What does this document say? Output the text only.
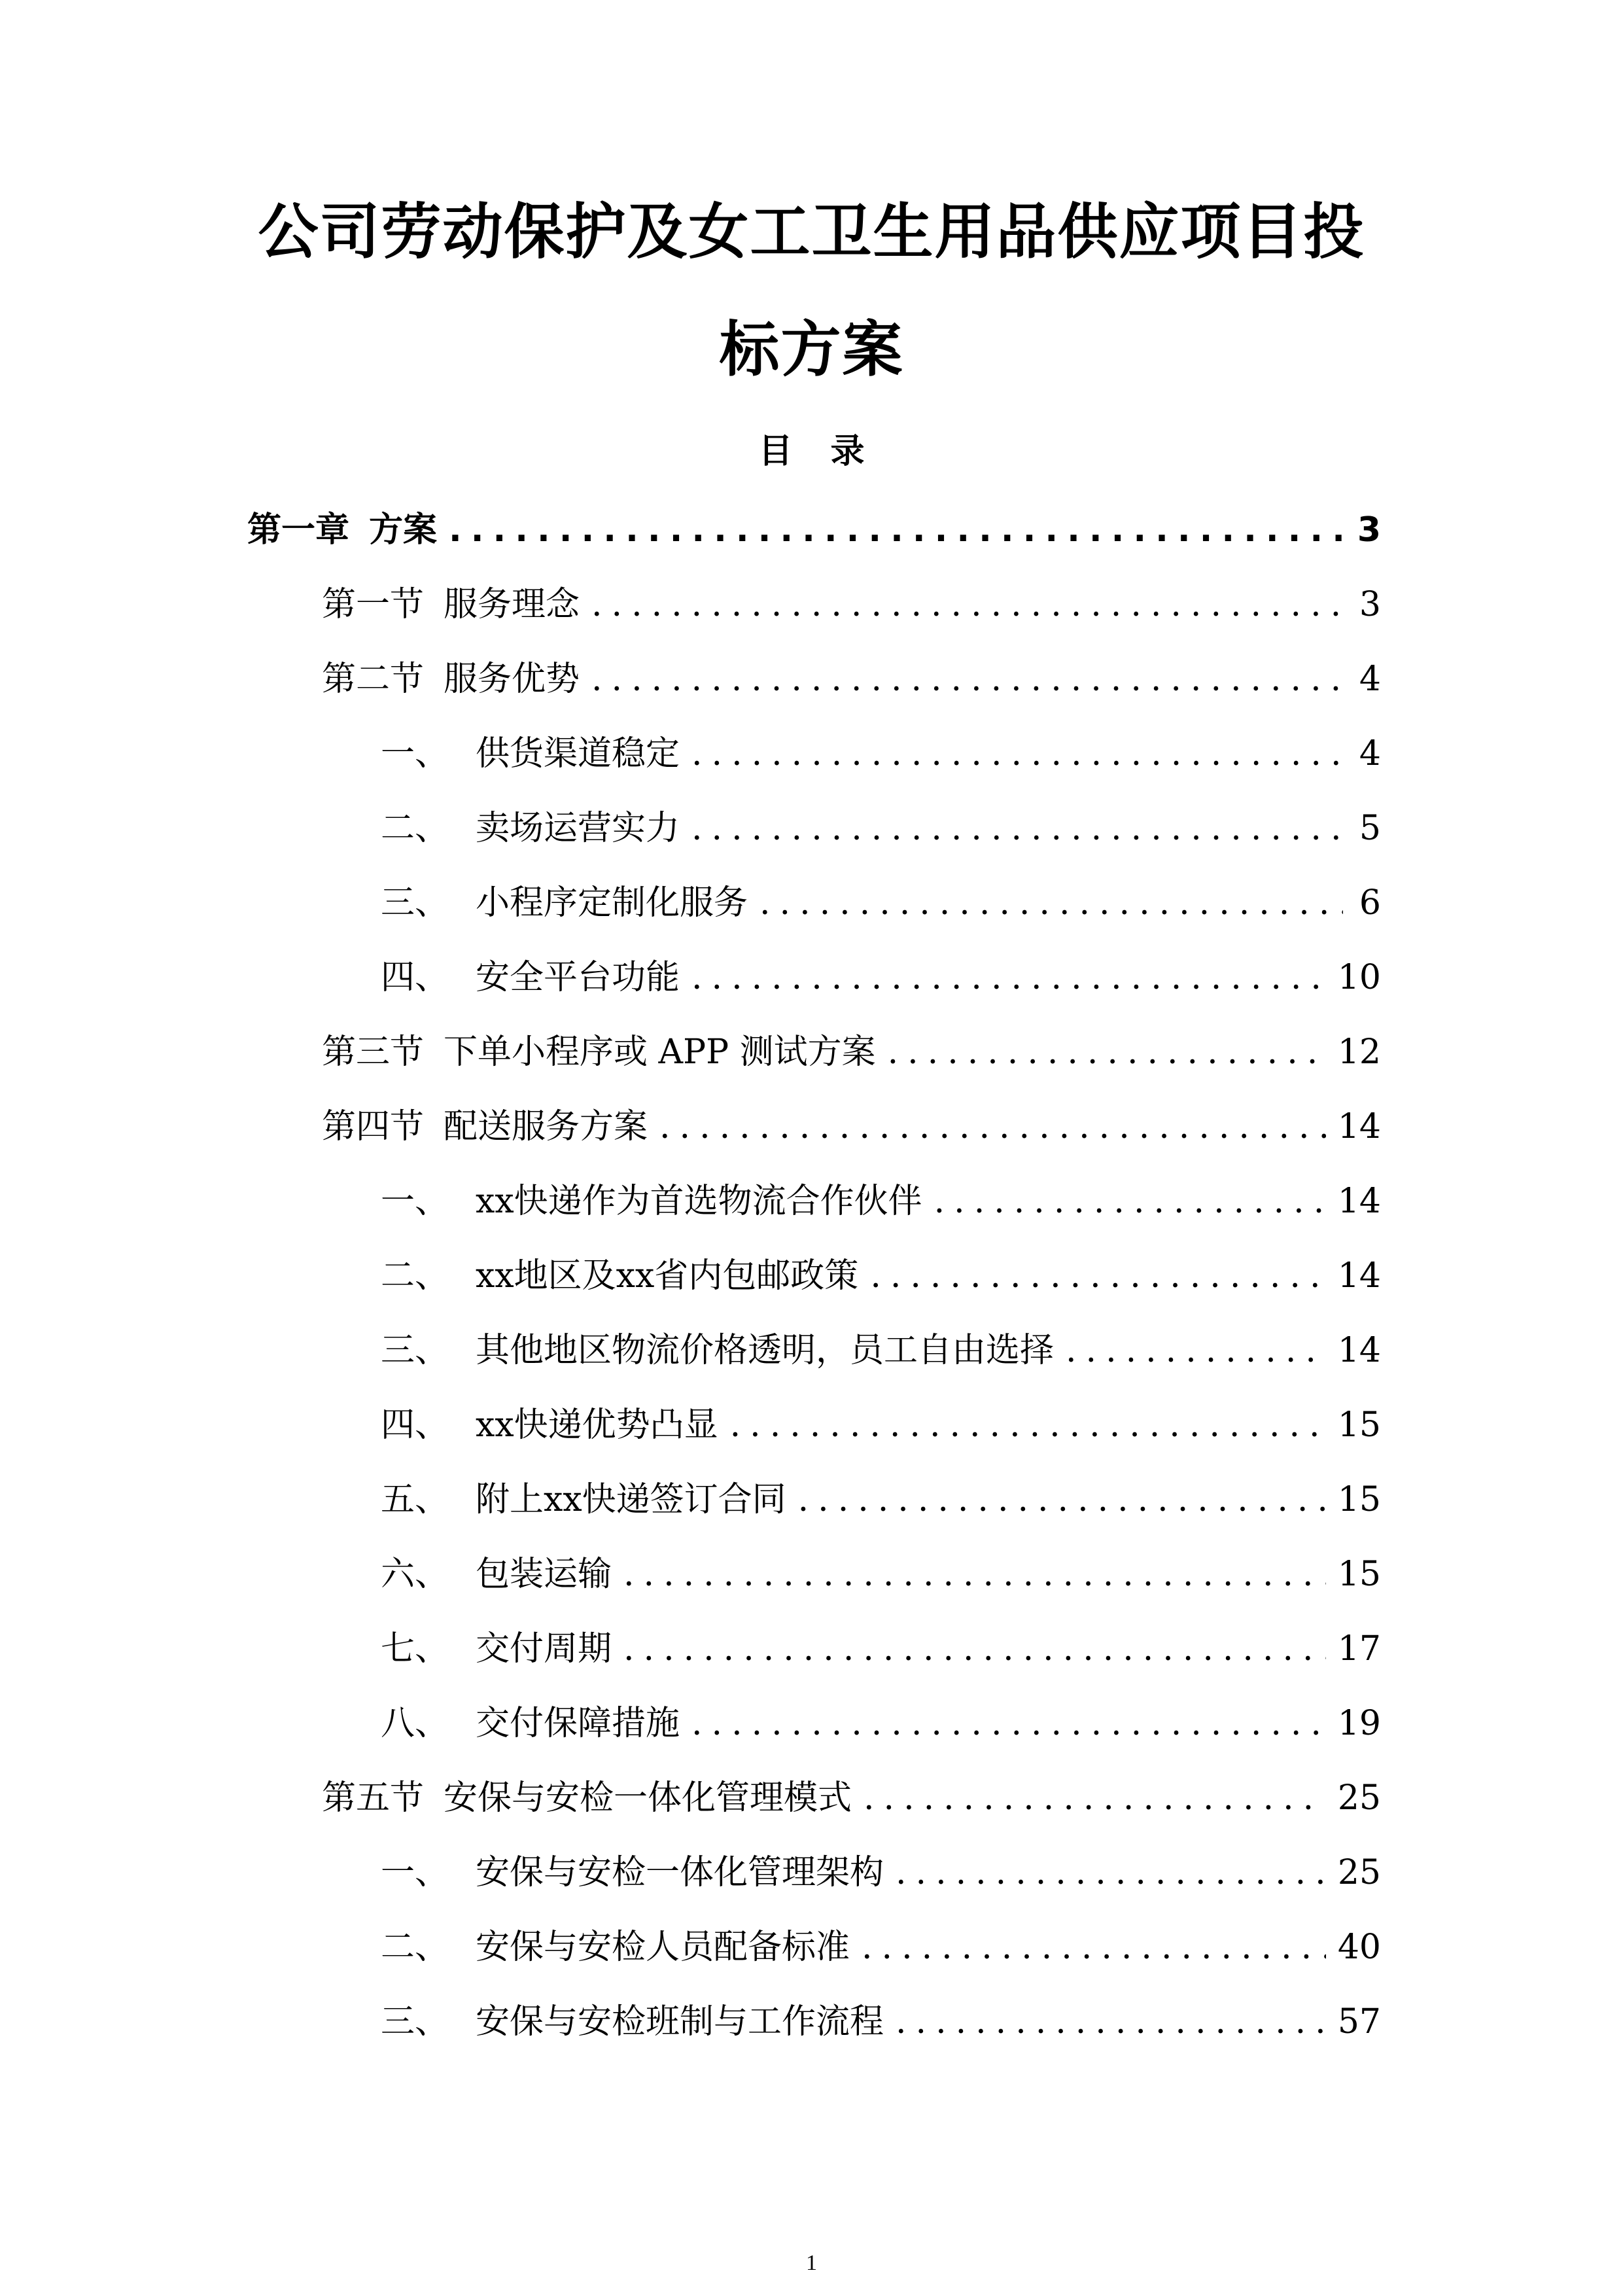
公司劳动保护及女工卫生用品供应项目投
标方案
目 录
第一章 方案 .....	3
第一节 服务理念 .....	3
第二节 服务优势 .....	4
一、 供货渠道稳定 .....	4
二、 卖场运营实力 .....	5
三、 小程序定制化服务 .....	6
四、 安全平台功能 .....	10
第三节 下单小程序或 APP 测试方案 .....	12
第四节 配送服务方案 .....	14
一、 xx快递作为首选物流合作伙伴 .....	14
二、 xx地区及xx省内包邮政策 .....	14
三、 其他地区物流价格透明，员工自由选择 .....	14
四、 xx快递优势凸显 .....	15
五、 附上xx快递签订合同 .....	15
六、 包装运输 .....	15
七、 交付周期 .....	17
八、 交付保障措施 .....	19
第五节 安保与安检一体化管理模式 .....	25
一、 安保与安检一体化管理架构 .....	25
二、 安保与安检人员配备标准 .....	40
三、 安保与安检班制与工作流程 .....	57
1
